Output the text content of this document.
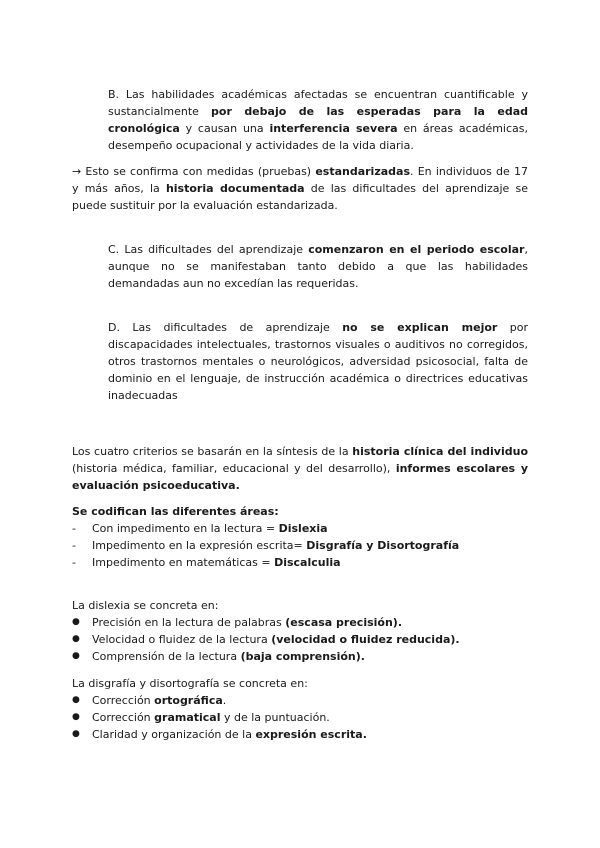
B. Las habilidades académicas afectadas se encuentran cuantificable y sustancialmente por debajo de las esperadas para la edad cronológica y causan una interferencia severa en áreas académicas, desempeño ocupacional y actividades de la vida diaria.

→ Esto se confirma con medidas (pruebas) estandarizadas. En individuos de 17 y más años, la historia documentada de las dificultades del aprendizaje se puede sustituir por la evaluación estandarizada.

C. Las dificultades del aprendizaje comenzaron en el periodo escolar, aunque no se manifestaban tanto debido a que las habilidades demandadas aun no excedían las requeridas.

D. Las dificultades de aprendizaje no se explican mejor por discapacidades intelectuales, trastornos visuales o auditivos no corregidos, otros trastornos mentales o neurológicos, adversidad psicosocial, falta de dominio en el lenguaje, de instrucción académica o directrices educativas inadecuadas

Los cuatro criterios se basarán en la síntesis de la historia clínica del individuo (historia médica, familiar, educacional y del desarrollo), informes escolares y evaluación psicoeducativa.

Se codifican las diferentes áreas:

- Con impedimento en la lectura = Dislexia
- Impedimento en la expresión escrita= Disgrafía y Disortografía
- Impedimento en matemáticas = Discalculia

La dislexia se concreta en:

● Precisión en la lectura de palabras (escasa precisión).
● Velocidad o fluidez de la lectura (velocidad o fluidez reducida).
● Comprensión de la lectura (baja comprensión).

La disgrafía y disortografía se concreta en:

● Corrección ortográfica.
● Corrección gramatical y de la puntuación.
● Claridad y organización de la expresión escrita.
